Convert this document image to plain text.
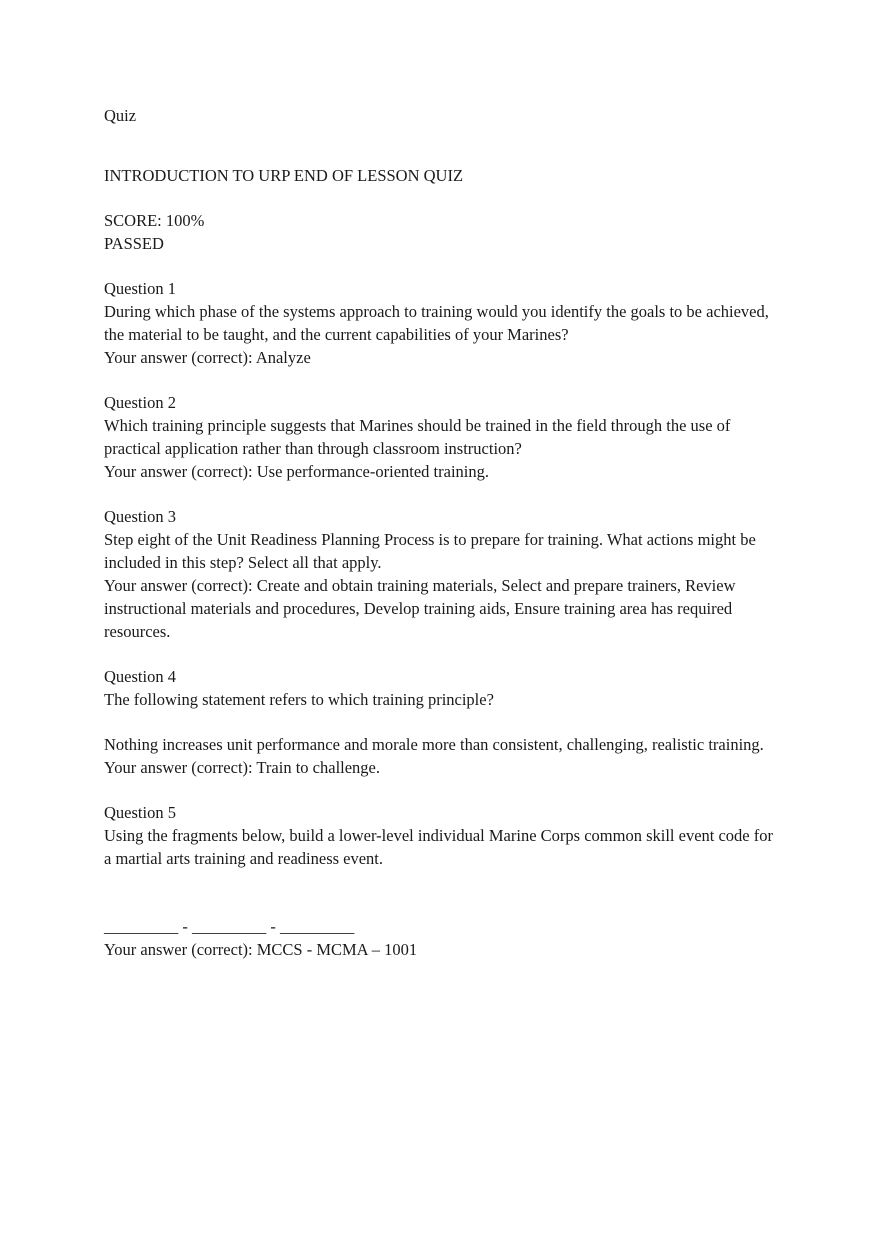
Quiz
INTRODUCTION TO URP END OF LESSON QUIZ
SCORE: 100%
PASSED
Question 1
During which phase of the systems approach to training would you identify the goals to be achieved, the material to be taught, and the current capabilities of your Marines?
Your answer (correct): Analyze
Question 2
Which training principle suggests that Marines should be trained in the field through the use of practical application rather than through classroom instruction?
Your answer (correct): Use performance-oriented training.
Question 3
Step eight of the Unit Readiness Planning Process is to prepare for training. What actions might be included in this step? Select all that apply.
Your answer (correct): Create and obtain training materials, Select and prepare trainers, Review instructional materials and procedures, Develop training aids, Ensure training area has required resources.
Question 4
The following statement refers to which training principle?
Nothing increases unit performance and morale more than consistent, challenging, realistic training.
Your answer (correct): Train to challenge.
Question 5
Using the fragments below, build a lower-level individual Marine Corps common skill event code for a martial arts training and readiness event.
_________ - _________ - _________
Your answer (correct): MCCS - MCMA – 1001
